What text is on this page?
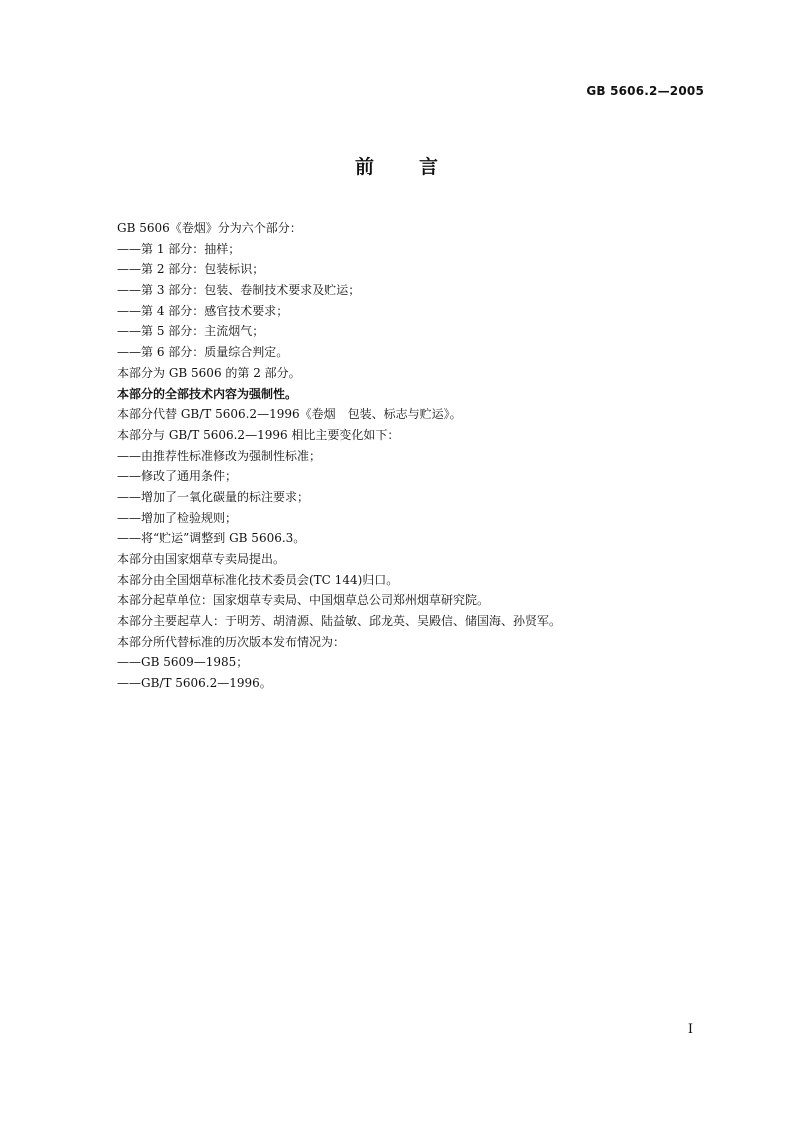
GB 5606.2—2005
前 言
GB 5606《卷烟》分为六个部分：
——第 1 部分：抽样；
——第 2 部分：包装标识；
——第 3 部分：包装、卷制技术要求及贮运；
——第 4 部分：感官技术要求；
——第 5 部分：主流烟气；
——第 6 部分：质量综合判定。
本部分为 GB 5606 的第 2 部分。
本部分的全部技术内容为强制性。
本部分代替 GB/T 5606.2—1996《卷烟　包装、标志与贮运》。
本部分与 GB/T 5606.2—1996 相比主要变化如下：
——由推荐性标准修改为强制性标准；
——修改了通用条件；
——增加了一氧化碳量的标注要求；
——增加了检验规则；
——将“贮运”调整到 GB 5606.3。
本部分由国家烟草专卖局提出。
本部分由全国烟草标准化技术委员会(TC 144)归口。
本部分起草单位：国家烟草专卖局、中国烟草总公司郑州烟草研究院。
本部分主要起草人：于明芳、胡清源、陆益敏、邱龙英、吴殿信、储国海、孙贤军。
本部分所代替标准的历次版本发布情况为：
——GB 5609—1985；
——GB/T 5606.2—1996。
I
